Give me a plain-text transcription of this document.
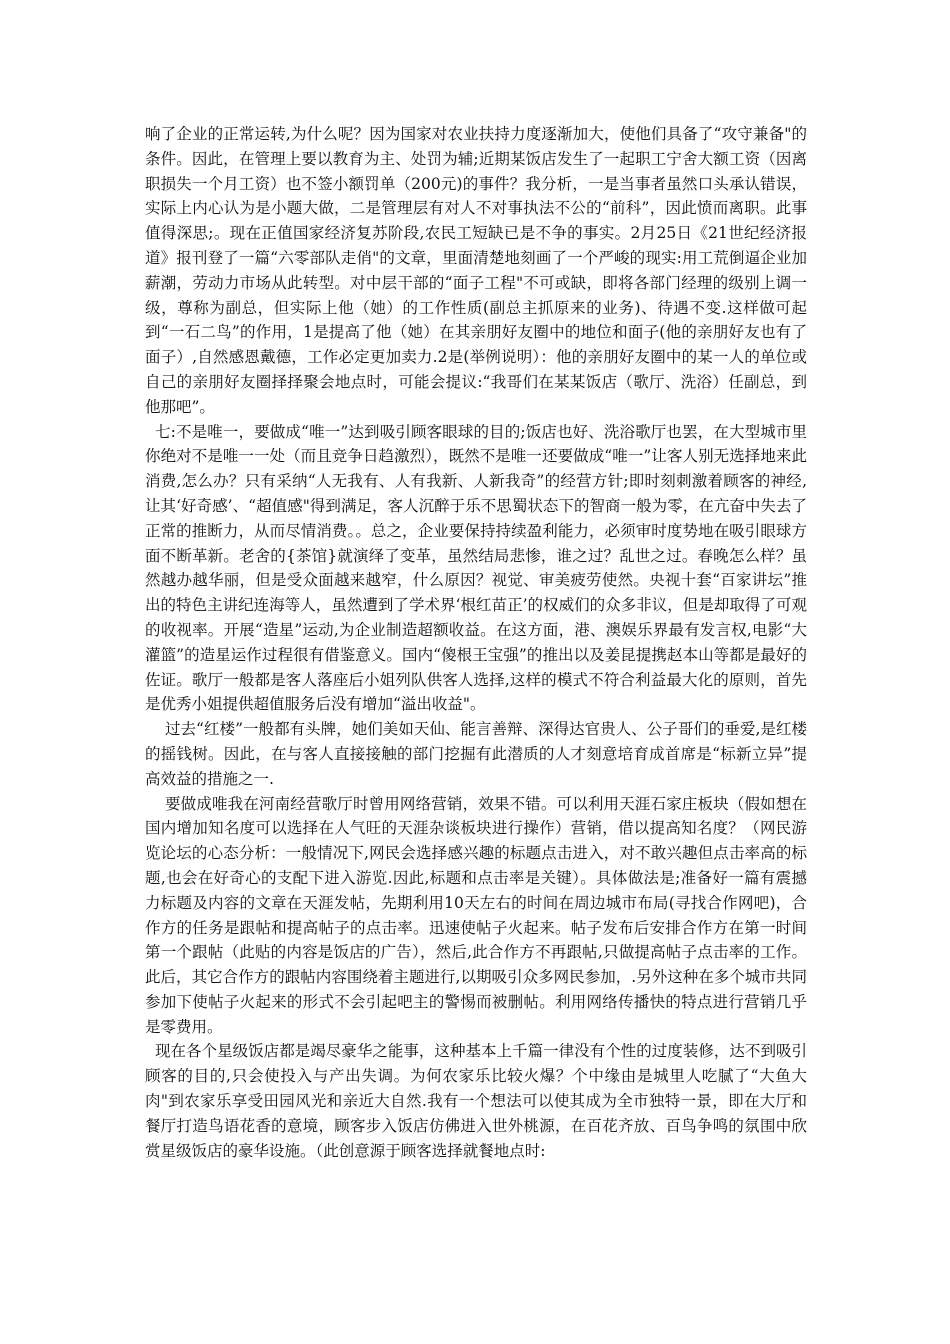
响了企业的正常运转,为什么呢？因为国家对农业扶持力度逐渐加大，使他们具备了“攻守兼备"的条件。因此，在管理上要以教育为主、处罚为辅;近期某饭店发生了一起职工宁舍大额工资（因离职损失一个月工资）也不签小额罚单（200元)的事件？我分析，一是当事者虽然口头承认错误，实际上内心认为是小题大做，二是管理层有对人不对事执法不公的“前科”，因此愤而离职。此事值得深思;。现在正值国家经济复苏阶段,农民工短缺已是不争的事实。2月25日《21世纪经济报道》报刊登了一篇“六零部队走俏"的文章，里面清楚地刻画了一个严峻的现实:用工荒倒逼企业加薪潮，劳动力市场从此转型。对中层干部的“面子工程"不可或缺，即将各部门经理的级别上调一级，尊称为副总，但实际上他（她）的工作性质(副总主抓原来的业务)、待遇不变.这样做可起到“一石二鸟”的作用，1是提高了他（她）在其亲朋好友圈中的地位和面子(他的亲朋好友也有了面子）,自然感恩戴德，工作必定更加卖力.2是(举例说明）：他的亲朋好友圈中的某一人的单位或自己的亲朋好友圈择择聚会地点时，可能会提议:“我哥们在某某饭店（歌厅、洗浴）任副总，到他那吧”。

七:不是唯一，要做成“唯一”达到吸引顾客眼球的目的;饭店也好、洗浴歌厅也罢，在大型城市里你绝对不是唯一一处（而且竞争日趋激烈），既然不是唯一还要做成“唯一”让客人别无选择地来此消费,怎么办？只有采纳“人无我有、人有我新、人新我奇”的经营方针;即时刻刺激着顾客的神经,让其‘好奇感’、“超值感"得到满足，客人沉醉于乐不思蜀状态下的智商一般为零，在亢奋中失去了正常的推断力，从而尽情消费。。总之，企业要保持持续盈利能力，必须审时度势地在吸引眼球方面不断革新。老舍的{茶馆}就演绎了变革，虽然结局悲惨，谁之过？乱世之过。春晚怎么样？虽然越办越华丽，但是受众面越来越窄，什么原因？视觉、审美疲劳使然。央视十套“百家讲坛”推出的特色主讲纪连海等人，虽然遭到了学术界‘根红苗正’的权威们的众多非议，但是却取得了可观的收视率。开展“造星”运动,为企业制造超额收益。在这方面，港、澳娱乐界最有发言权,电影“大灌篮”的造星运作过程很有借鉴意义。国内“傻根王宝强”的推出以及姜昆提携赵本山等都是最好的佐证。歌厅一般都是客人落座后小姐列队供客人选择,这样的模式不符合利益最大化的原则，首先是优秀小姐提供超值服务后没有增加“溢出收益"。

过去“红楼”一般都有头牌，她们美如天仙、能言善辩、深得达官贵人、公子哥们的垂爱,是红楼的摇钱树。因此，在与客人直接接触的部门挖掘有此潜质的人才刻意培育成首席是“标新立异”提高效益的措施之一.

要做成唯我在河南经营歌厅时曾用网络营销，效果不错。可以利用天涯石家庄板块（假如想在国内增加知名度可以选择在人气旺的天涯杂谈板块进行操作）营销，借以提高知名度？（网民游览论坛的心态分析：一般情况下,网民会选择感兴趣的标题点击进入，对不敢兴趣但点击率高的标题,也会在好奇心的支配下进入游览.因此,标题和点击率是关键）。具体做法是;准备好一篇有震撼力标题及内容的文章在天涯发帖，先期利用10天左右的时间在周边城市布局(寻找合作网吧)，合作方的任务是跟帖和提高帖子的点击率。迅速使帖子火起来。帖子发布后安排合作方在第一时间第一个跟帖（此贴的内容是饭店的广告），然后,此合作方不再跟帖,只做提高帖子点击率的工作。此后，其它合作方的跟帖内容围绕着主题进行,以期吸引众多网民参加，.另外这种在多个城市共同参加下使帖子火起来的形式不会引起吧主的警惕而被删帖。利用网络传播快的特点进行营销几乎是零费用。

现在各个星级饭店都是竭尽豪华之能事，这种基本上千篇一律没有个性的过度装修，达不到吸引顾客的目的,只会使投入与产出失调。为何农家乐比较火爆？个中缘由是城里人吃腻了“大鱼大肉"到农家乐享受田园风光和亲近大自然.我有一个想法可以使其成为全市独特一景，即在大厅和餐厅打造鸟语花香的意境，顾客步入饭店仿佛进入世外桃源，在百花齐放、百鸟争鸣的氛围中欣赏星级饭店的豪华设施。（此创意源于顾客选择就餐地点时:
